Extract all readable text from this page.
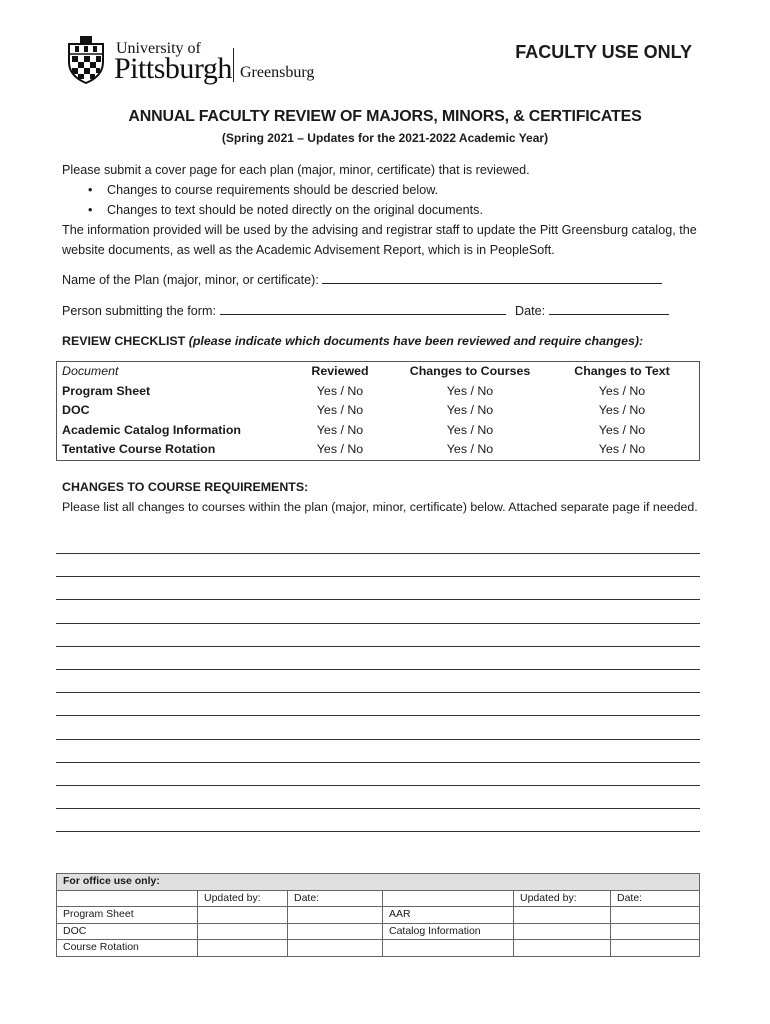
University of
Pittsburgh Greensburg
FACULTY USE ONLY
ANNUAL FACULTY REVIEW OF MAJORS, MINORS, & CERTIFICATES
(Spring 2021 – Updates for the 2021-2022 Academic Year)
Please submit a cover page for each plan (major, minor, certificate) that is reviewed.
• Changes to course requirements should be descried below.
• Changes to text should be noted directly on the original documents.
The information provided will be used by the advising and registrar staff to update the Pitt Greensburg catalog, the website documents, as well as the Academic Advisement Report, which is in PeopleSoft.
Name of the Plan (major, minor, or certificate):
Person submitting the form:	Date:
REVIEW CHECKLIST (please indicate which documents have been reviewed and require changes):
Document	Reviewed	Changes to Courses	Changes to Text
Program Sheet	Yes / No	Yes / No	Yes / No
DOC	Yes / No	Yes / No	Yes / No
Academic Catalog Information	Yes / No	Yes / No	Yes / No
Tentative Course Rotation	Yes / No	Yes / No	Yes / No
CHANGES TO COURSE REQUIREMENTS:
Please list all changes to courses within the plan (major, minor, certificate) below. Attached separate page if needed.
For office use only:					
	Updated by:	Date:		Updated by:	Date:
Program Sheet			AAR		
DOC			Catalog Information		
Course Rotation					
